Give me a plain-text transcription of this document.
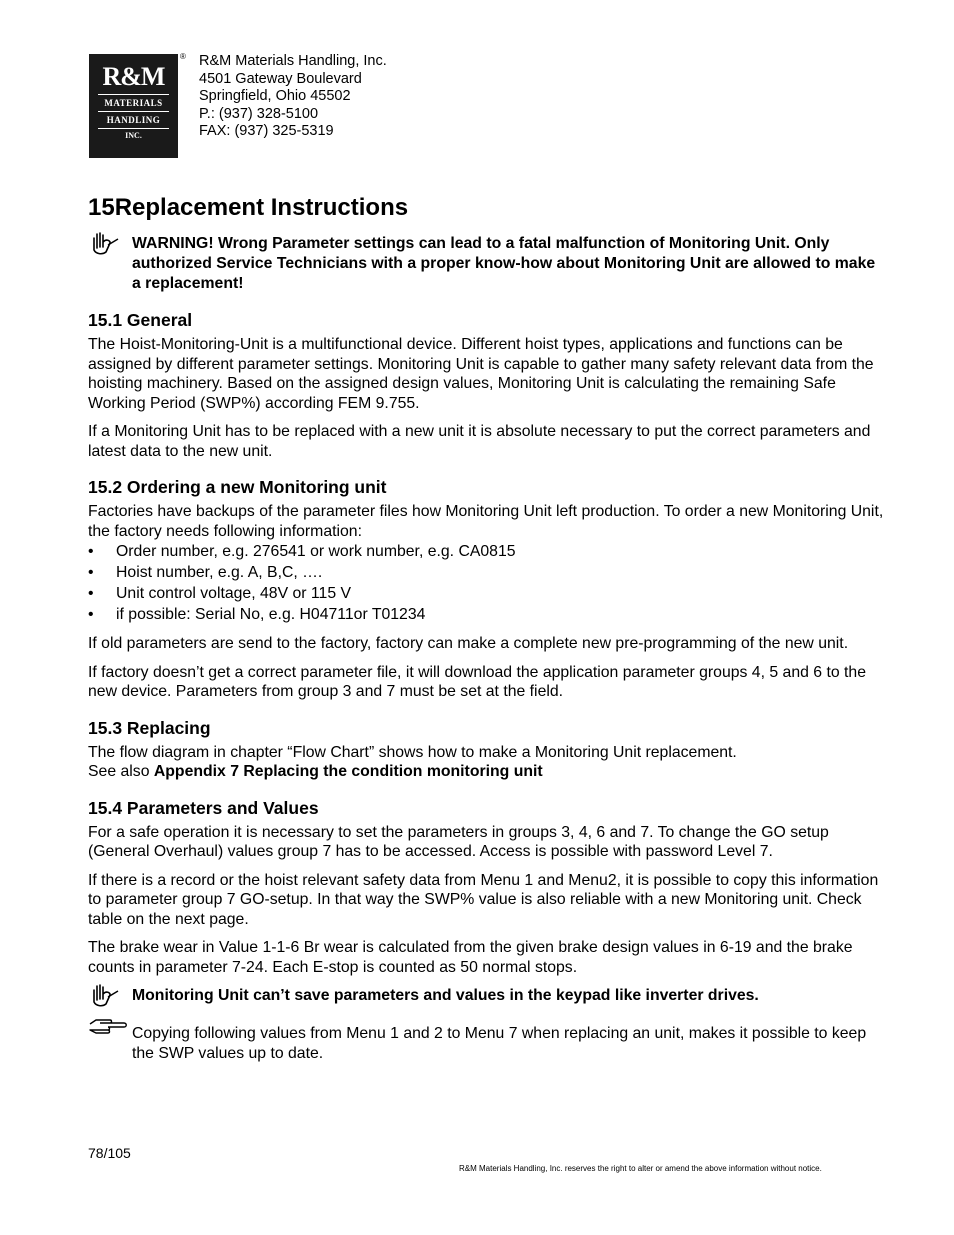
R&M
MATERIALS
HANDLING
INC.
® R&M Materials Handling, Inc.
4501 Gateway Boulevard
Springfield, Ohio 45502
P.: (937) 328-5100
FAX: (937) 325-5319
15Replacement Instructions
WARNING! Wrong Parameter settings can lead to a fatal malfunction of Monitoring Unit. Only authorized Service Technicians with a proper know-how about Monitoring Unit are allowed to make a replacement!
15.1 General

The Hoist-Monitoring-Unit is a multifunctional device. Different hoist types, applications and functions can be assigned by different parameter settings. Monitoring Unit is capable to gather many safety relevant data from the hoisting machinery. Based on the assigned design values, Monitoring Unit is calculating the remaining Safe Working Period (SWP%) according FEM 9.755.

If a Monitoring Unit has to be replaced with a new unit it is absolute necessary to put the correct parameters and latest data to the new unit.

15.2 Ordering a new Monitoring unit

Factories have backups of the parameter files how Monitoring Unit left production. To order a new Monitoring Unit, the factory needs following information:

• Order number, e.g. 276541 or work number, e.g. CA0815
• Hoist number, e.g. A, B,C, ….
• Unit control voltage, 48V or 115 V
• if possible: Serial No, e.g. H04711or T01234

If old parameters are send to the factory, factory can make a complete new pre-programming of the new unit.

If factory doesn’t get a correct parameter file, it will download the application parameter groups 4, 5 and 6 to the new device. Parameters from group 3 and 7 must be set at the field.

15.3 Replacing

The flow diagram in chapter “Flow Chart” shows how to make a Monitoring Unit replacement.
See also Appendix 7 Replacing the condition monitoring unit

15.4 Parameters and Values

For a safe operation it is necessary to set the parameters in groups 3, 4, 6 and 7. To change the GO setup (General Overhaul) values group 7 has to be accessed. Access is possible with password Level 7.

If there is a record or the hoist relevant safety data from Menu 1 and Menu2, it is possible to copy this information to parameter group 7 GO-setup. In that way the SWP% value is also reliable with a new Monitoring unit. Check table on the next page.

The brake wear in Value 1-1-6 Br wear is calculated from the given brake design values in 6-19 and the brake counts in parameter 7-24. Each E-stop is counted as 50 normal stops.

Monitoring Unit can’t save parameters and values in the keypad like inverter drives.
Copying following values from Menu 1 and 2 to Menu 7 when replacing an unit, makes it possible to keep the SWP values up to date.
78/105
R&M Materials Handling, Inc. reserves the right to alter or amend the above information without notice.
